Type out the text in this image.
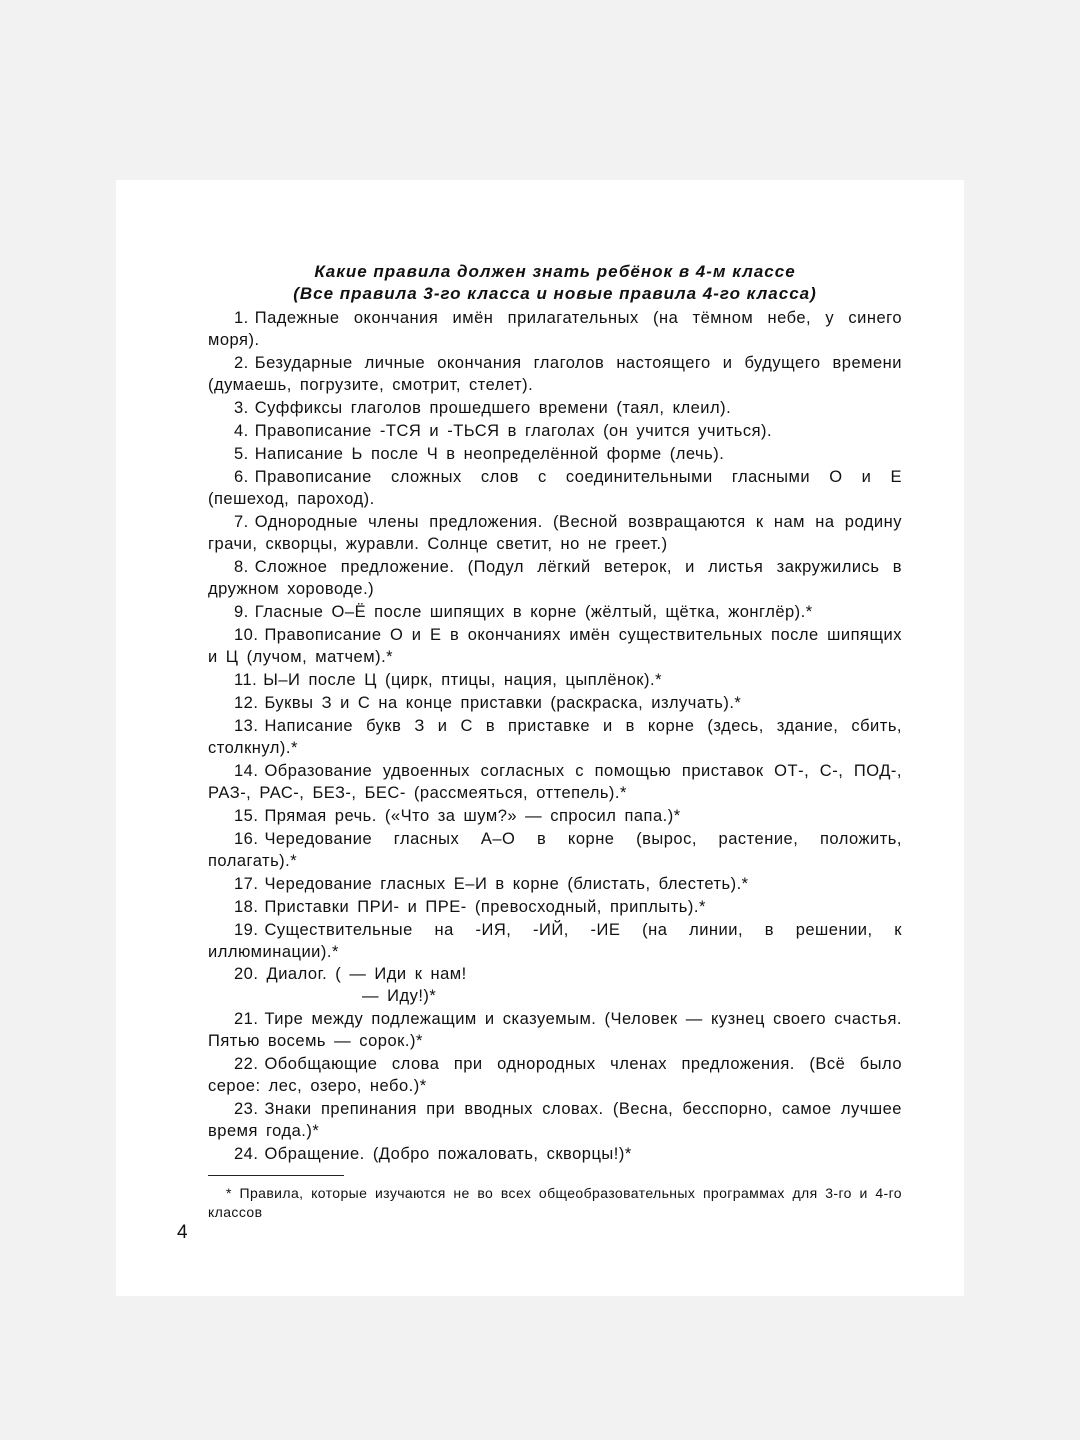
Какие правила должен знать ребёнок в 4-м классе
(Все правила 3-го класса и новые правила 4-го класса)
1. Падежные окончания имён прилагательных (на тёмном небе, у синего моря).
2. Безударные личные окончания глаголов настоящего и будущего времени (думаешь, погрузите, смотрит, стелет).
3. Суффиксы глаголов прошедшего времени (таял, клеил).
4. Правописание -ТСЯ и -ТЬСЯ в глаголах (он учится учиться).
5. Написание Ь после Ч в неопределённой форме (лечь).
6. Правописание сложных слов с соединительными гласными О и Е (пешеход, пароход).
7. Однородные члены предложения. (Весной возвращаются к нам на родину грачи, скворцы, журавли. Солнце светит, но не греет.)
8. Сложное предложение. (Подул лёгкий ветерок, и листья закружились в дружном хороводе.)
9. Гласные О–Ё после шипящих в корне (жёлтый, щётка, жонглёр).*
10. Правописание О и Е в окончаниях имён существительных после шипящих и Ц (лучом, матчем).*
11. Ы–И после Ц (цирк, птицы, нация, цыплёнок).*
12. Буквы З и С на конце приставки (раскраска, излучать).*
13. Написание букв З и С в приставке и в корне (здесь, здание, сбить, столкнул).*
14. Образование удвоенных согласных с помощью приставок ОТ-, С-, ПОД-, РАЗ-, РАС-, БЕЗ-, БЕС- (рассмеяться, оттепель).*
15. Прямая речь. («Что за шум?» — спросил папа.)*
16. Чередование гласных А–О в корне (вырос, растение, положить, полагать).*
17. Чередование гласных Е–И в корне (блистать, блестеть).*
18. Приставки ПРИ- и ПРЕ- (превосходный, приплыть).*
19. Существительные на -ИЯ, -ИЙ, -ИЕ (на линии, в решении, к иллюминации).*
20. Диалог. ( — Иди к нам!
— Иду!)*
21. Тире между подлежащим и сказуемым. (Человек — кузнец своего счастья. Пятью восемь — сорок.)*
22. Обобщающие слова при однородных членах предложения. (Всё было серое: лес, озеро, небо.)*
23. Знаки препинания при вводных словах. (Весна, бесспорно, самое лучшее время года.)*
24. Обращение. (Добро пожаловать, скворцы!)*
* Правила, которые изучаются не во всех общеобразовательных программах для 3-го и 4-го классов
4
